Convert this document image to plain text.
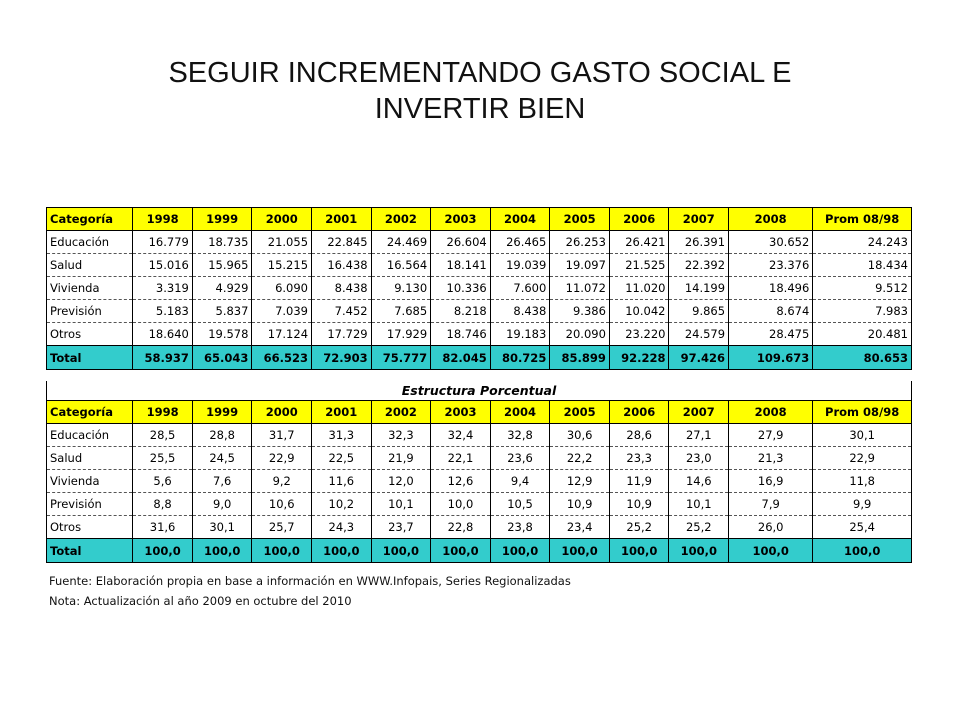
SEGUIR INCREMENTANDO GASTO SOCIAL E
INVERTIR BIEN
Categoría	1998	1999	2000	2001	2002	2003	2004	2005	2006	2007	2008	Prom 08/98
Educación	16.779	18.735	21.055	22.845	24.469	26.604	26.465	26.253	26.421	26.391	30.652	24.243
Salud	15.016	15.965	15.215	16.438	16.564	18.141	19.039	19.097	21.525	22.392	23.376	18.434
Vivienda	3.319	4.929	6.090	8.438	9.130	10.336	7.600	11.072	11.020	14.199	18.496	9.512
Previsión	5.183	5.837	7.039	7.452	7.685	8.218	8.438	9.386	10.042	9.865	8.674	7.983
Otros	18.640	19.578	17.124	17.729	17.929	18.746	19.183	20.090	23.220	24.579	28.475	20.481
Total	58.937	65.043	66.523	72.903	75.777	82.045	80.725	85.899	92.228	97.426	109.673	80.653
Estructura Porcentual
Categoría	1998	1999	2000	2001	2002	2003	2004	2005	2006	2007	2008	Prom 08/98
Educación	28,5	28,8	31,7	31,3	32,3	32,4	32,8	30,6	28,6	27,1	27,9	30,1
Salud	25,5	24,5	22,9	22,5	21,9	22,1	23,6	22,2	23,3	23,0	21,3	22,9
Vivienda	5,6	7,6	9,2	11,6	12,0	12,6	9,4	12,9	11,9	14,6	16,9	11,8
Previsión	8,8	9,0	10,6	10,2	10,1	10,0	10,5	10,9	10,9	10,1	7,9	9,9
Otros	31,6	30,1	25,7	24,3	23,7	22,8	23,8	23,4	25,2	25,2	26,0	25,4
Total	100,0	100,0	100,0	100,0	100,0	100,0	100,0	100,0	100,0	100,0	100,0	100,0
Fuente: Elaboración propia en base a información en WWW.Infopais, Series Regionalizadas
Nota: Actualización al año 2009 en octubre del 2010
